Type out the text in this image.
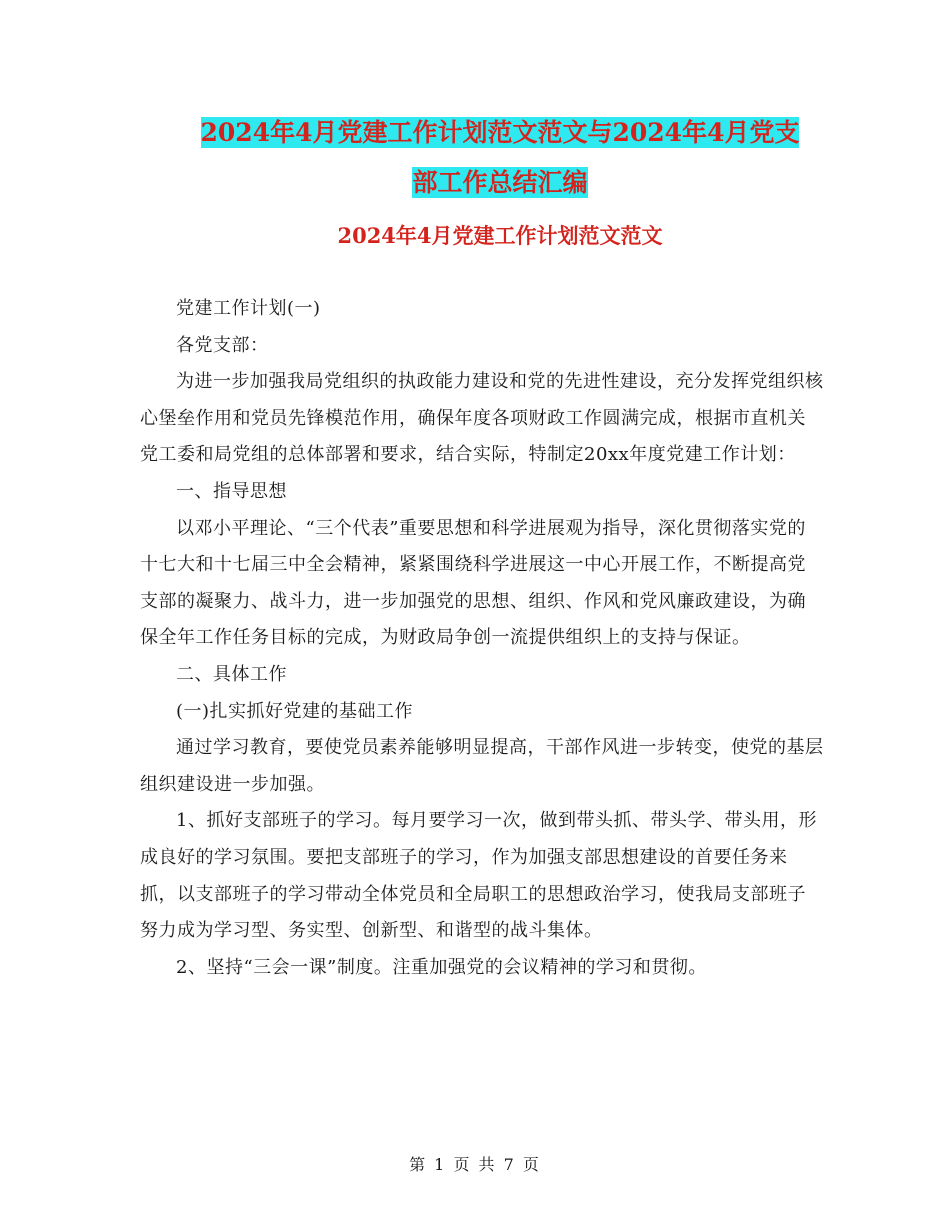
2024年4月党建工作计划范文范文与2024年4月党支
部工作总结汇编
2024年4月党建工作计划范文范文

党建工作计划(一)

各党支部：

为进一步加强我局党组织的执政能力建设和党的先进性建设，充分发挥党组织核心堡垒作用和党员先锋模范作用，确保年度各项财政工作圆满完成，根据市直机关党工委和局党组的总体部署和要求，结合实际，特制定20xx年度党建工作计划：

一、指导思想

以邓小平理论、“三个代表”重要思想和科学进展观为指导，深化贯彻落实党的十七大和十七届三中全会精神，紧紧围绕科学进展这一中心开展工作，不断提高党支部的凝聚力、战斗力，进一步加强党的思想、组织、作风和党风廉政建设，为确保全年工作任务目标的完成，为财政局争创一流提供组织上的支持与保证。

二、具体工作

(一)扎实抓好党建的基础工作

通过学习教育，要使党员素养能够明显提高，干部作风进一步转变，使党的基层组织建设进一步加强。

1、抓好支部班子的学习。每月要学习一次，做到带头抓、带头学、带头用，形成良好的学习氛围。要把支部班子的学习，作为加强支部思想建设的首要任务来抓，以支部班子的学习带动全体党员和全局职工的思想政治学习，使我局支部班子努力成为学习型、务实型、创新型、和谐型的战斗集体。

2、坚持“三会一课”制度。注重加强党的会议精神的学习和贯彻。

第 1 页 共 7 页
